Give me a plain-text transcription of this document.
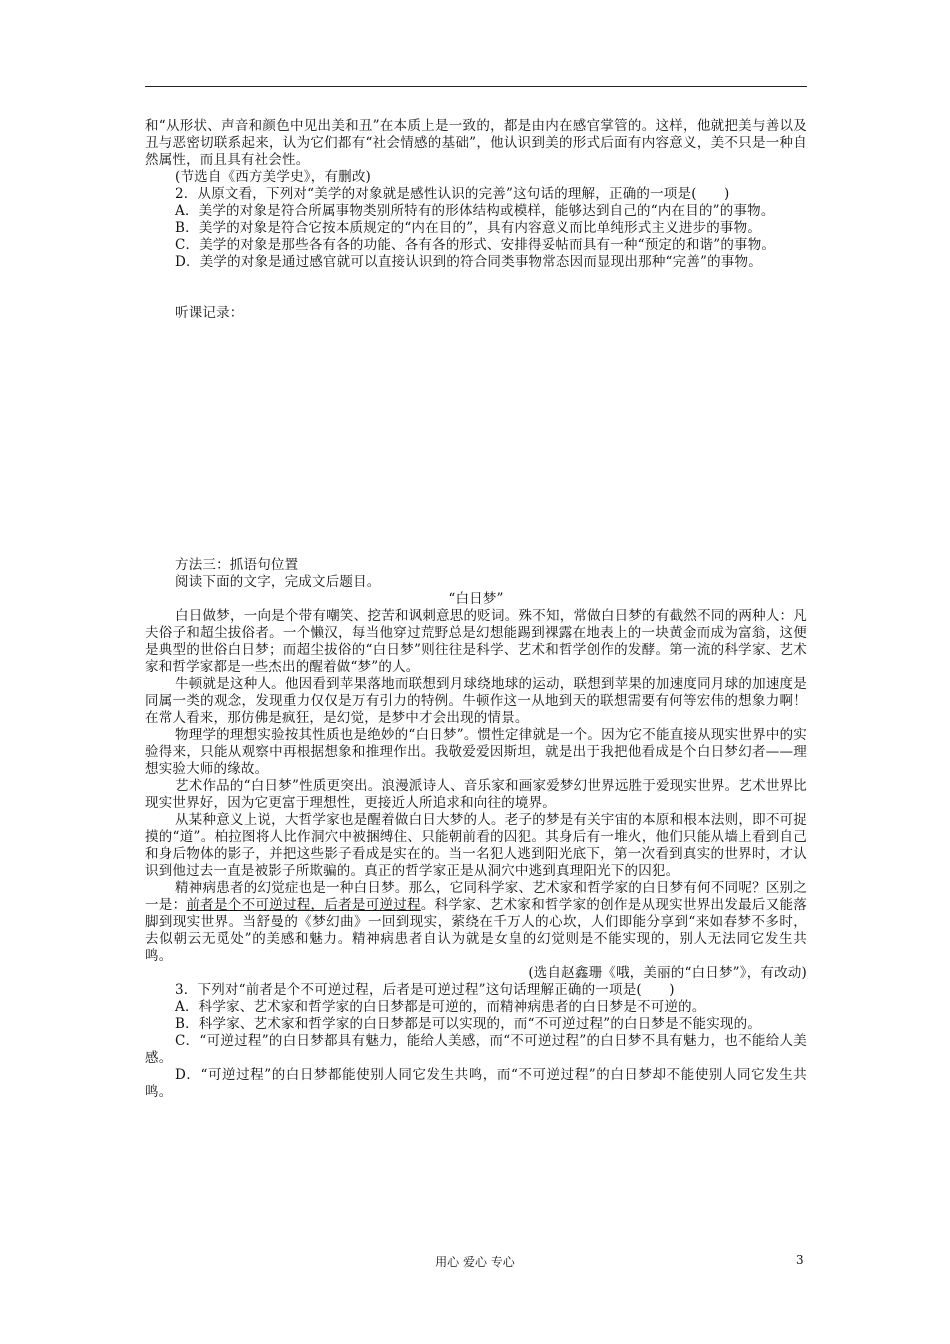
和“从形状、声音和颜色中见出美和丑”在本质上是一致的，都是由内在感官掌管的。这样，他就把美与善以及丑与恶密切联系起来，认为它们都有“社会情感的基础”，他认识到美的形式后面有内容意义，美不只是一种自然属性，而且具有社会性。

(节选自《西方美学史》，有删改)

2．从原文看，下列对“美学的对象就是感性认识的完善”这句话的理解，正确的一项是(　　)

A．美学的对象是符合所属事物类别所特有的形体结构或模样，能够达到自己的“内在目的”的事物。

B．美学的对象是符合它按本质规定的“内在目的”，具有内容意义而比单纯形式主义进步的事物。

C．美学的对象是那些各有各的功能、各有各的形式、安排得妥帖而具有一种“预定的和谐”的事物。

D．美学的对象是通过感官就可以直接认识到的符合同类事物常态因而显现出那种“完善”的事物。

听课记录：

方法三：抓语句位置

阅读下面的文字，完成文后题目。

“白日梦”

白日做梦，一向是个带有嘲笑、挖苦和讽刺意思的贬词。殊不知，常做白日梦的有截然不同的两种人：凡夫俗子和超尘拔俗者。一个懒汉，每当他穿过荒野总是幻想能踢到裸露在地表上的一块黄金而成为富翁，这便是典型的世俗白日梦；而超尘拔俗的“白日梦”则往往是科学、艺术和哲学创作的发酵。第一流的科学家、艺术家和哲学家都是一些杰出的醒着做“梦”的人。

牛顿就是这种人。他因看到苹果落地而联想到月球绕地球的运动，联想到苹果的加速度同月球的加速度是同属一类的观念，发现重力仅仅是万有引力的特例。牛顿作这一从地到天的联想需要有何等宏伟的想象力啊！在常人看来，那仿佛是疯狂，是幻觉，是梦中才会出现的情景。

物理学的理想实验按其性质也是绝妙的“白日梦”。惯性定律就是一个。因为它不能直接从现实世界中的实验得来，只能从观察中再根据想象和推理作出。我敬爱爱因斯坦，就是出于我把他看成是个白日梦幻者——理想实验大师的缘故。

艺术作品的“白日梦”性质更突出。浪漫派诗人、音乐家和画家爱梦幻世界远胜于爱现实世界。艺术世界比现实世界好，因为它更富于理想性，更接近人所追求和向往的境界。

从某种意义上说，大哲学家也是醒着做白日大梦的人。老子的梦是有关宇宙的本原和根本法则，即不可捉摸的“道”。柏拉图将人比作洞穴中被捆缚住、只能朝前看的囚犯。其身后有一堆火，他们只能从墙上看到自己和身后物体的影子，并把这些影子看成是实在的。当一名犯人逃到阳光底下，第一次看到真实的世界时，才认识到他过去一直是被影子所欺骗的。真正的哲学家正是从洞穴中逃到真理阳光下的囚犯。

精神病患者的幻觉症也是一种白日梦。那么，它同科学家、艺术家和哲学家的白日梦有何不同呢？区别之一是：前者是个不可逆过程，后者是可逆过程。科学家、艺术家和哲学家的创作是从现实世界出发最后又能落脚到现实世界。当舒曼的《梦幻曲》一回到现实，萦绕在千万人的心坎，人们即能分享到“来如春梦不多时，去似朝云无觅处”的美感和魅力。精神病患者自认为就是女皇的幻觉则是不能实现的，别人无法同它发生共鸣。

(选自赵鑫珊《哦，美丽的“白日梦”》，有改动)

3．下列对“前者是个不可逆过程，后者是可逆过程”这句话理解正确的一项是(　　)

A．科学家、艺术家和哲学家的白日梦都是可逆的，而精神病患者的白日梦是不可逆的。

B．科学家、艺术家和哲学家的白日梦都是可以实现的，而“不可逆过程”的白日梦是不能实现的。

C．“可逆过程”的白日梦都具有魅力，能给人美感，而“不可逆过程”的白日梦不具有魅力，也不能给人美感。

D．“可逆过程”的白日梦都能使别人同它发生共鸣，而“不可逆过程”的白日梦却不能使别人同它发生共鸣。

用心 爱心 专心	3
